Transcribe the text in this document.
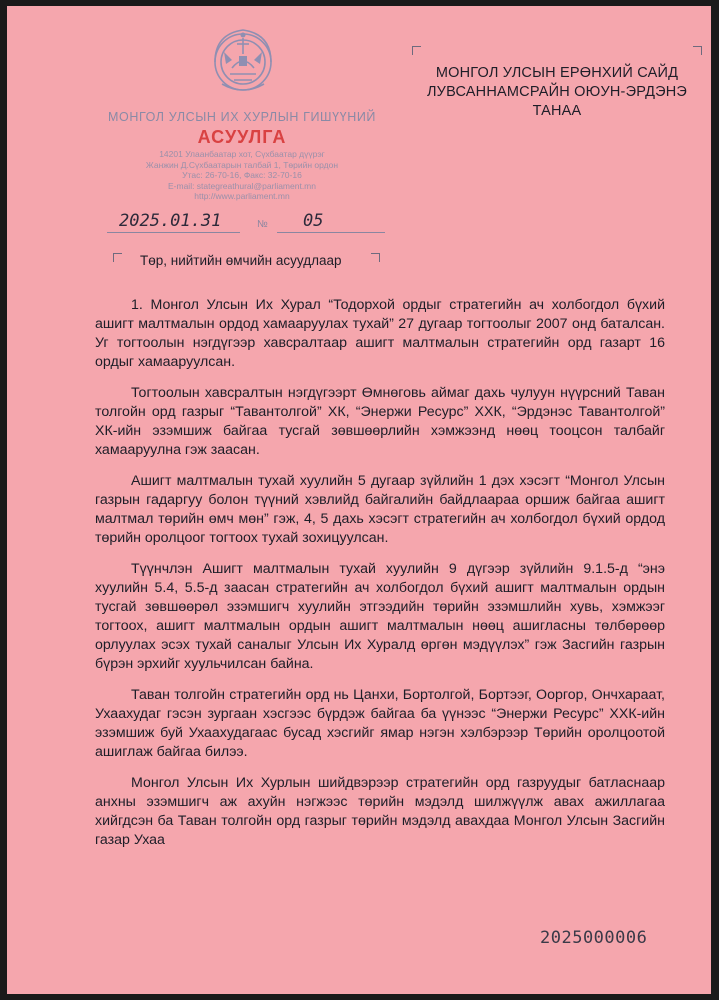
МОНГОЛ УЛСЫН ИХ ХУРЛЫН ГИШҮҮНИЙ
АСУУЛГА
14201 Улаанбаатар хот, Сүхбаатар дүүрэг
Жанжин Д.Сүхбаатарын талбай 1, Төрийн ордон
Утас: 26-70-16, Факс: 32-70-16
E-mail: stategreathural@parliament.mn
http://www.parliament.mn
2025.01.31	№ 05
Төр, нийтийн өмчийн асуудлаар
МОНГОЛ УЛСЫН ЕРӨНХИЙ САЙД
ЛУВСАННАМСРАЙН ОЮУН-ЭРДЭНЭ
ТАНАА

1. Монгол Улсын Их Хурал “Тодорхой ордыг стратегийн ач холбогдол бүхий ашигт малтмалын ордод хамааруулах тухай” 27 дугаар тогтоолыг 2007 онд баталсан. Уг тогтоолын нэгдүгээр хавсралтаар ашигт малтмалын стратегийн орд газарт 16 ордыг хамааруулсан.

Тогтоолын хавсралтын нэгдүгээрт Өмнөговь аймаг дахь чулуун нүүрсний Таван толгойн орд газрыг “Тавантолгой” ХК, “Энержи Ресурс” ХХК, “Эрдэнэс Тавантолгой” ХК-ийн эзэмшиж байгаа тусгай зөвшөөрлийн хэмжээнд нөөц тооцсон талбайг хамааруулна гэж заасан.

Ашигт малтмалын тухай хуулийн 5 дугаар зүйлийн 1 дэх хэсэгт “Монгол Улсын газрын гадаргуу болон түүний хэвлийд байгалийн байдлаараа оршиж байгаа ашигт малтмал төрийн өмч мөн” гэж, 4, 5 дахь хэсэгт стратегийн ач холбогдол бүхий ордод төрийн оролцоог тогтоох тухай зохицуулсан.

Түүнчлэн Ашигт малтмалын тухай хуулийн 9 дүгээр зүйлийн 9.1.5-д “энэ хуулийн 5.4, 5.5-д заасан стратегийн ач холбогдол бүхий ашигт малтмалын ордын тусгай зөвшөөрөл эзэмшигч хуулийн этгээдийн төрийн эзэмшлийн хувь, хэмжээг тогтоох, ашигт малтмалын ордын ашигт малтмалын нөөц ашигласны төлбөрөөр орлуулах эсэх тухай саналыг Улсын Их Хуралд өргөн мэдүүлэх” гэж Засгийн газрын бүрэн эрхийг хуульчилсан байна.

Таван толгойн стратегийн орд нь Цанхи, Бортолгой, Бортээг, Ооргор, Ончхараат, Ухаахудаг гэсэн зургаан хэсгээс бүрдэж байгаа ба үүнээс “Энержи Ресурс” ХХК-ийн эзэмшиж буй Ухаахудагаас бусад хэсгийг ямар нэгэн хэлбэрээр Төрийн оролцоотой ашиглаж байгаа билээ.

Монгол Улсын Их Хурлын шийдвэрээр стратегийн орд газруудыг батлаcнаар анхны эзэмшигч аж ахуйн нэгжээс төрийн мэдэлд шилжүүлж авах ажиллагаа хийгдсэн ба Таван толгойн орд газрыг төрийн мэдэлд авахдаа Монгол Улсын Засгийн газар Ухаа

2025000006
